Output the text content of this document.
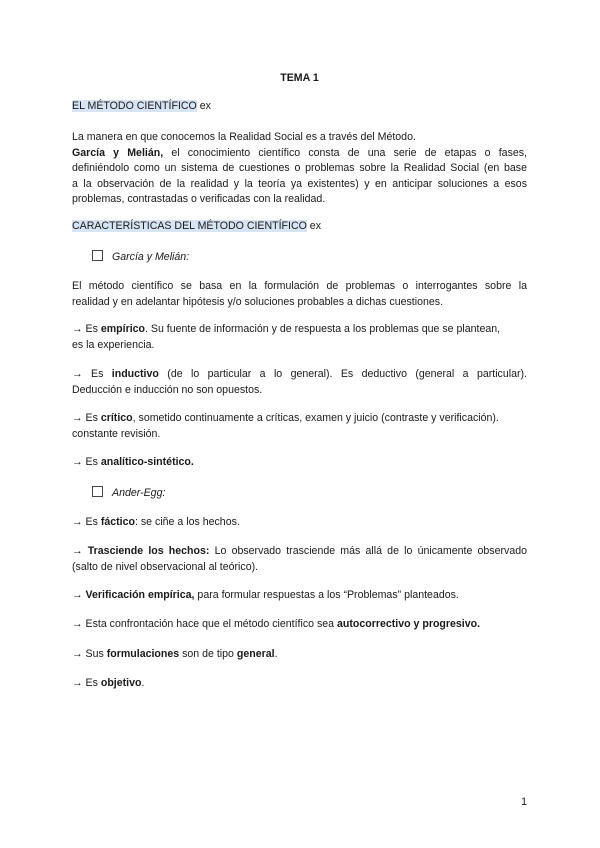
TEMA 1
EL MÉTODO CIENTÍFICO ex
La manera en que conocemos la Realidad Social es a través del Método.
García y Melián, el conocimiento científico consta de una serie de etapas o fases,
definiéndolo como un sistema de cuestiones o problemas sobre la Realidad Social (en base
a la observación de la realidad y la teoría ya existentes) y en anticipar soluciones a esos
problemas, contrastadas o verificadas con la realidad.
CARACTERÍSTICAS DEL MÉTODO CIENTÍFICO ex
García y Melián:
El método científico se basa en la formulación de problemas o interrogantes sobre la
realidad y en adelantar hipótesis y/o soluciones probables a dichas cuestiones.
→ Es empírico. Su fuente de información y de respuesta a los problemas que se plantean,
es la experiencia.
→ Es inductivo (de lo particular a lo general). Es deductivo (general a particular).
Deducción e inducción no son opuestos.
→ Es crítico, sometido continuamente a críticas, examen y juicio (contraste y verificación).
constante revisión.
→ Es analítico-sintético.
Ander-Egg:
→ Es fáctico: se ciñe a los hechos.
→ Trasciende los hechos: Lo observado trasciende más allá de lo únicamente observado
(salto de nivel observacional al teórico).
→ Verificación empírica, para formular respuestas a los “Problemas” planteados.
→ Esta confrontación hace que el método científico sea autocorrectivo y progresivo.
→ Sus formulaciones son de tipo general.
→ Es objetivo.
1
